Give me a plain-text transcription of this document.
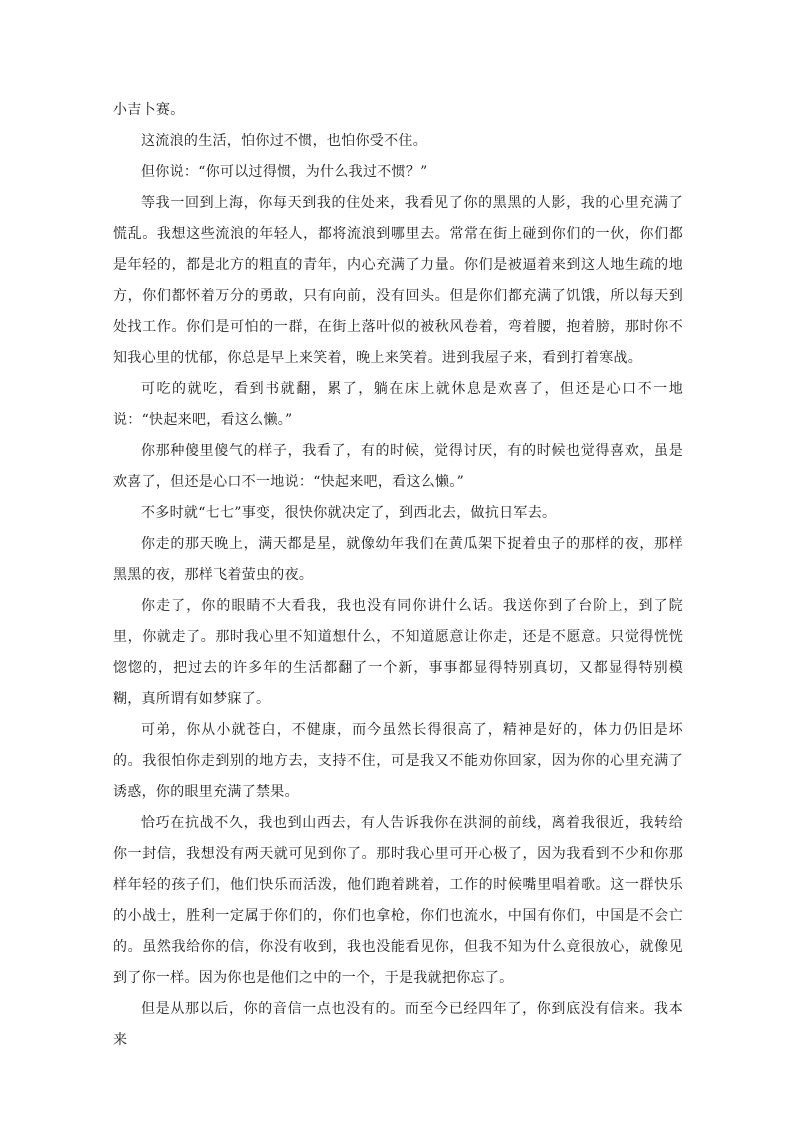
小吉卜赛。

这流浪的生活，怕你过不惯，也怕你受不住。

但你说：“你可以过得惯，为什么我过不惯？”

等我一回到上海，你每天到我的住处来，我看见了你的黑黑的人影，我的心里充满了慌乱。我想这些流浪的年轻人，都将流浪到哪里去。常常在街上碰到你们的一伙，你们都是年轻的，都是北方的粗直的青年，内心充满了力量。你们是被逼着来到这人地生疏的地方，你们都怀着万分的勇敢，只有向前，没有回头。但是你们都充满了饥饿，所以每天到处找工作。你们是可怕的一群，在街上落叶似的被秋风卷着，弯着腰，抱着膀，那时你不知我心里的忧郁，你总是早上来笑着，晚上来笑着。进到我屋子来，看到打着寒战。

可吃的就吃，看到书就翻，累了，躺在床上就休息是欢喜了，但还是心口不一地说：“快起来吧，看这么懒。”

你那种傻里傻气的样子，我看了，有的时候，觉得讨厌，有的时候也觉得喜欢，虽是欢喜了，但还是心口不一地说：“快起来吧，看这么懒。”

不多时就“七七”事变，很快你就决定了，到西北去，做抗日军去。

你走的那天晚上，满天都是星，就像幼年我们在黄瓜架下捉着虫子的那样的夜，那样黑黑的夜，那样飞着萤虫的夜。

你走了，你的眼睛不大看我，我也没有同你讲什么话。我送你到了台阶上，到了院里，你就走了。那时我心里不知道想什么，不知道愿意让你走，还是不愿意。只觉得恍恍惚惚的，把过去的许多年的生活都翻了一个新，事事都显得特别真切，又都显得特别模糊，真所谓有如梦寐了。

可弟，你从小就苍白，不健康，而今虽然长得很高了，精神是好的，体力仍旧是坏的。我很怕你走到别的地方去，支持不住，可是我又不能劝你回家，因为你的心里充满了诱惑，你的眼里充满了禁果。

恰巧在抗战不久，我也到山西去，有人告诉我你在洪洞的前线，离着我很近，我转给你一封信，我想没有两天就可见到你了。那时我心里可开心极了，因为我看到不少和你那样年轻的孩子们，他们快乐而活泼，他们跑着跳着，工作的时候嘴里唱着歌。这一群快乐的小战士，胜利一定属于你们的，你们也拿枪，你们也流水，中国有你们，中国是不会亡的。虽然我给你的信，你没有收到，我也没能看见你，但我不知为什么竟很放心，就像见到了你一样。因为你也是他们之中的一个，于是我就把你忘了。

但是从那以后，你的音信一点也没有的。而至今已经四年了，你到底没有信来。我本来
